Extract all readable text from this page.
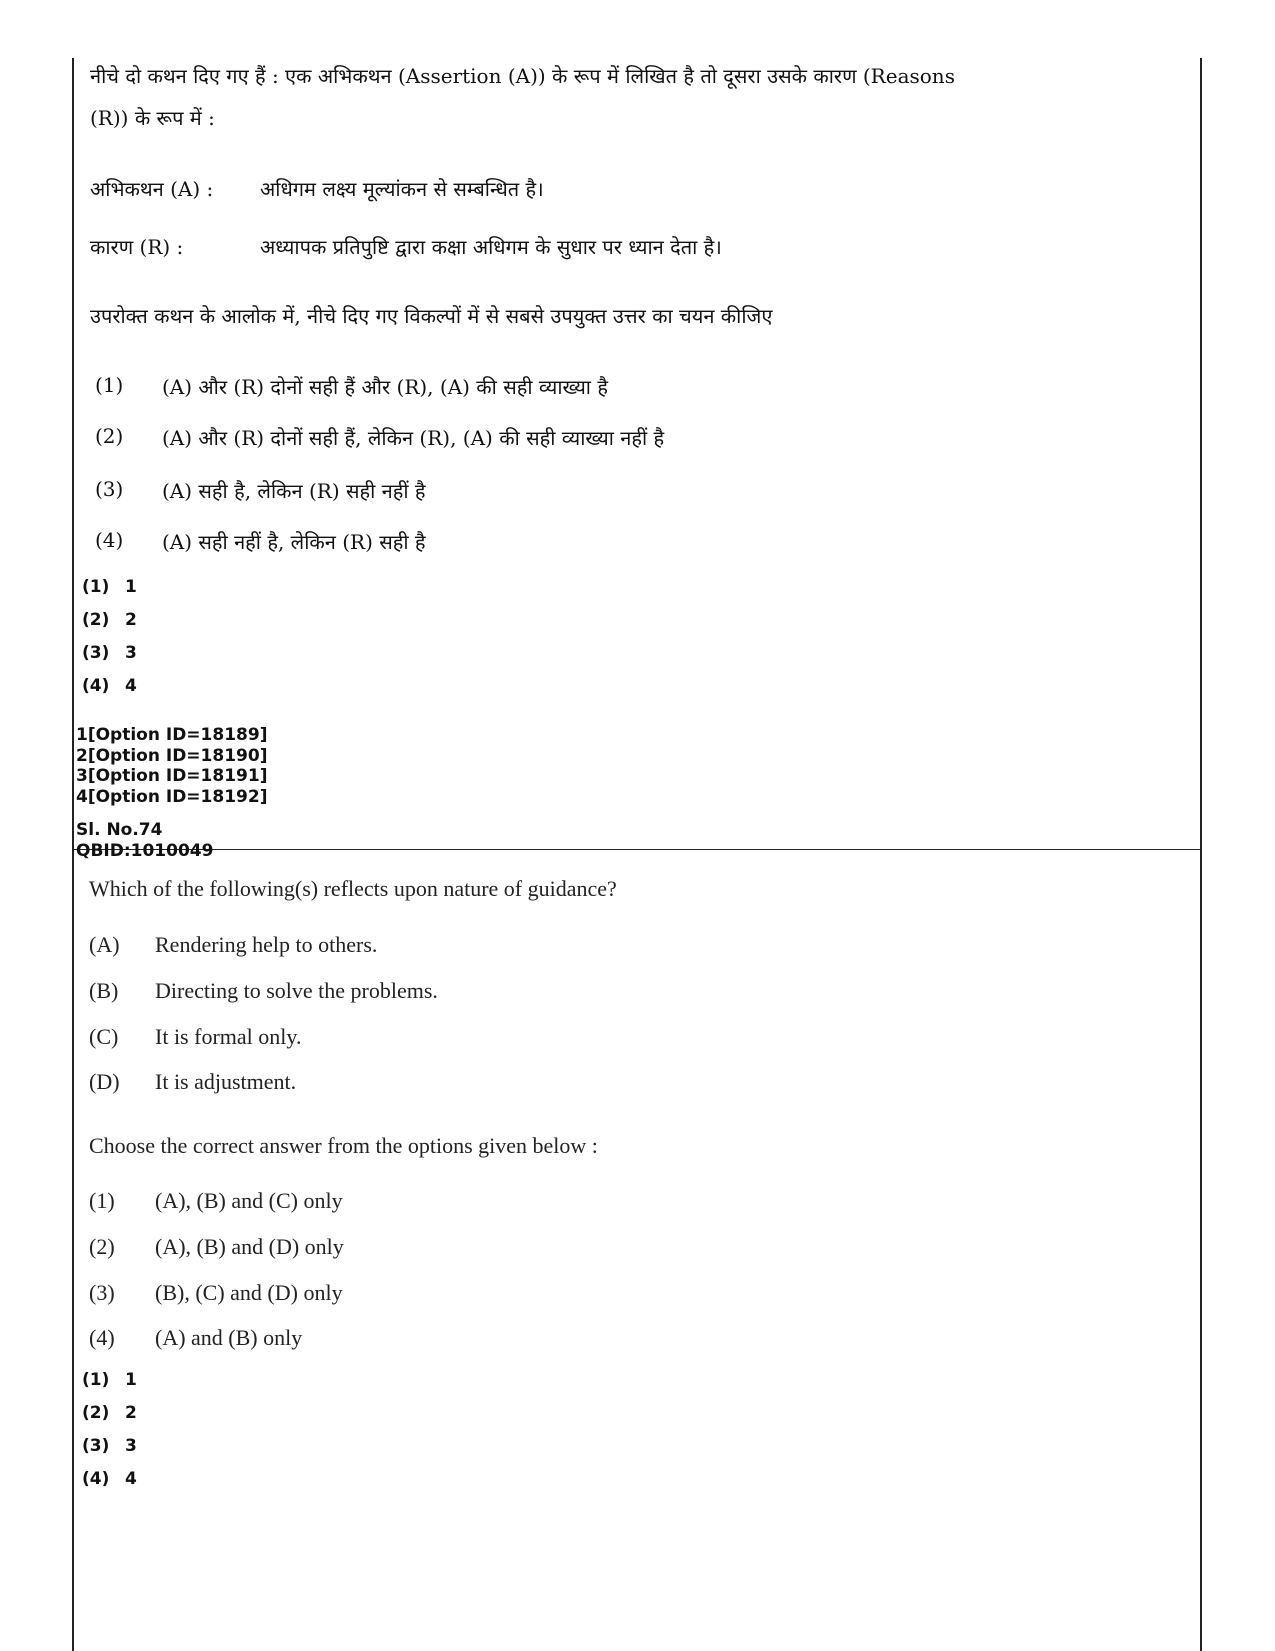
नीचे दो कथन दिए गए हैं : एक अभिकथन (Assertion (A)) के रूप में लिखित है तो दूसरा उसके कारण (Reasons
(R)) के रूप में :
अभिकथन (A) : अधिगम लक्ष्य मूल्यांकन से सम्बन्धित है।
कारण (R) :	अध्यापक प्रतिपुष्टि द्वारा कक्षा अधिगम के सुधार पर ध्यान देता है।
उपरोक्त कथन के आलोक में, नीचे दिए गए विकल्पों में से सबसे उपयुक्त उत्तर का चयन कीजिए
(1) (A) और (R) दोनों सही हैं और (R), (A) की सही व्याख्या है
(2) (A) और (R) दोनों सही हैं, लेकिन (R), (A) की सही व्याख्या नहीं है
(3) (A) सही है, लेकिन (R) सही नहीं है
(4) (A) सही नहीं है, लेकिन (R) सही है
(1) 1
(2) 2
(3) 3
(4) 4
1[Option ID=18189]
2[Option ID=18190]
3[Option ID=18191]
4[Option ID=18192]
Sl. No.74
QBID:1010049
Which of the following(s) reflects upon nature of guidance?
(A) Rendering help to others.
(B) Directing to solve the problems.
(C) It is formal only.
(D) It is adjustment.
Choose the correct answer from the options given below :
(1) (A), (B) and (C) only
(2) (A), (B) and (D) only
(3) (B), (C) and (D) only
(4) (A) and (B) only
(1) 1
(2) 2
(3) 3
(4) 4
